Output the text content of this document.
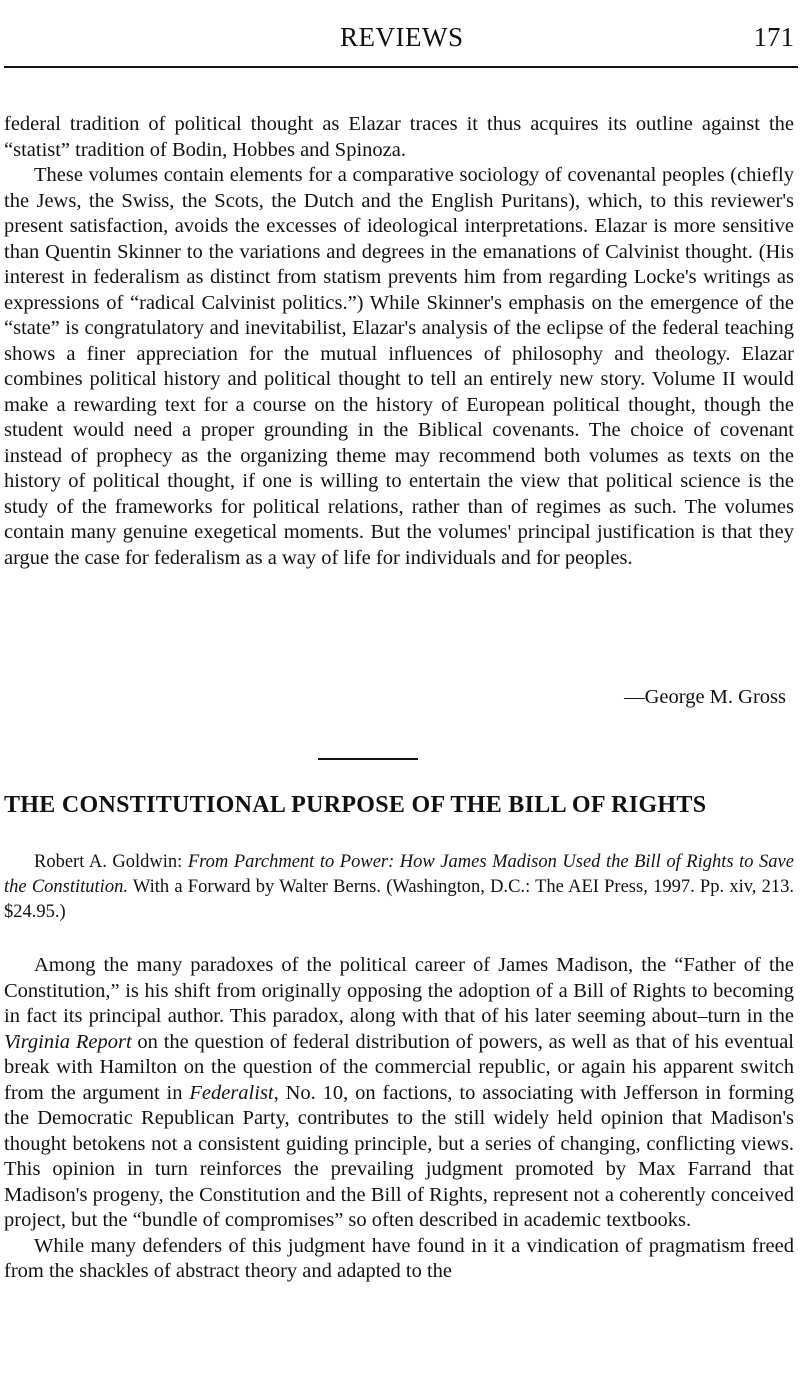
REVIEWS	171

federal tradition of political thought as Elazar traces it thus acquires its outline against the “statist” tradition of Bodin, Hobbes and Spinoza.

These volumes contain elements for a comparative sociology of covenantal peoples (chiefly the Jews, the Swiss, the Scots, the Dutch and the English Puritans), which, to this reviewer's present satisfaction, avoids the excesses of ideological interpretations. Elazar is more sensitive than Quentin Skinner to the variations and degrees in the emanations of Calvinist thought. (His interest in federalism as distinct from statism prevents him from regarding Locke's writings as expressions of “radical Calvinist politics.”) While Skinner's emphasis on the emergence of the “state” is congratulatory and inevitabilist, Elazar's analysis of the eclipse of the federal teaching shows a finer appreciation for the mutual influences of philosophy and theology. Elazar combines political history and political thought to tell an entirely new story. Volume II would make a rewarding text for a course on the history of European political thought, though the student would need a proper grounding in the Biblical covenants. The choice of covenant instead of prophecy as the organizing theme may recommend both volumes as texts on the history of political thought, if one is willing to entertain the view that political science is the study of the frameworks for political relations, rather than of regimes as such. The volumes contain many genuine exegetical moments. But the volumes' principal justification is that they argue the case for federalism as a way of life for individuals and for peoples.

—George M. Gross
THE CONSTITUTIONAL PURPOSE OF THE BILL OF RIGHTS

Robert A. Goldwin: From Parchment to Power: How James Madison Used the Bill of Rights to Save the Constitution. With a Forward by Walter Berns. (Washington, D.C.: The AEI Press, 1997. Pp. xiv, 213. $24.95.)

Among the many paradoxes of the political career of James Madison, the “Father of the Constitution,” is his shift from originally opposing the adoption of a Bill of Rights to becoming in fact its principal author. This paradox, along with that of his later seeming about–turn in the Virginia Report on the question of federal distribution of powers, as well as that of his eventual break with Hamilton on the question of the commercial republic, or again his apparent switch from the argument in Federalist, No. 10, on factions, to associating with Jefferson in forming the Democratic Republican Party, contributes to the still widely held opinion that Madison's thought betokens not a consistent guiding principle, but a series of changing, conflicting views. This opinion in turn reinforces the prevailing judgment promoted by Max Farrand that Madison's progeny, the Constitution and the Bill of Rights, represent not a coherently conceived project, but the “bundle of compromises” so often described in academic textbooks.

While many defenders of this judgment have found in it a vindication of pragmatism freed from the shackles of abstract theory and adapted to the
